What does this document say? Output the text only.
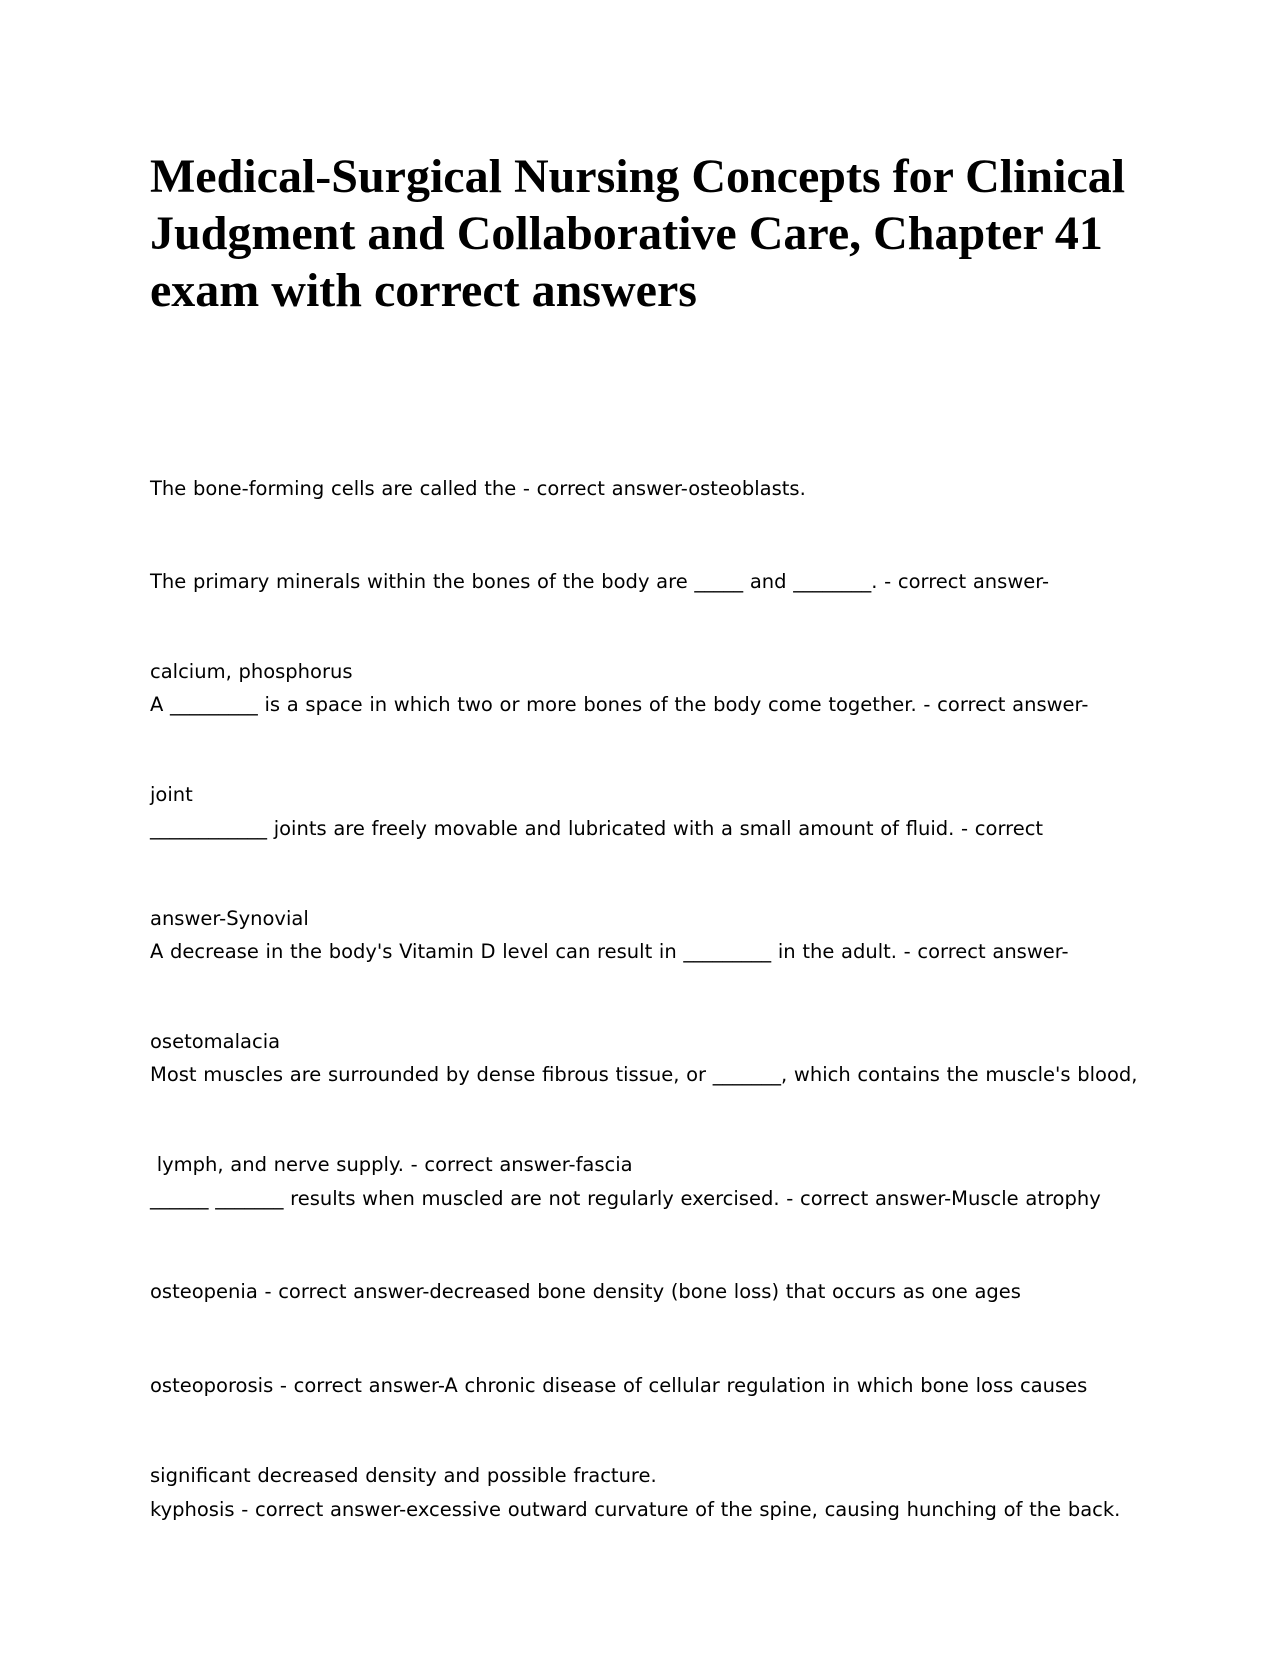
Medical-Surgical Nursing Concepts for Clinical Judgment and Collaborative Care, Chapter 41 exam with correct answers

The bone-forming cells are called the - correct answer-osteoblasts.

The primary minerals within the bones of the body are _____ and ________. - correct answer-

calcium, phosphorus

A _________ is a space in which two or more bones of the body come together. - correct answer-

joint

____________ joints are freely movable and lubricated with a small amount of fluid. - correct

answer-Synovial

A decrease in the body's Vitamin D level can result in _________ in the adult. - correct answer-

osetomalacia

Most muscles are surrounded by dense fibrous tissue, or _______, which contains the muscle's blood,

lymph, and nerve supply. - correct answer-fascia

______ _______ results when muscled are not regularly exercised. - correct answer-Muscle atrophy

osteopenia - correct answer-decreased bone density (bone loss) that occurs as one ages

osteoporosis - correct answer-A chronic disease of cellular regulation in which bone loss causes

significant decreased density and possible fracture.

kyphosis - correct answer-excessive outward curvature of the spine, causing hunching of the back.
